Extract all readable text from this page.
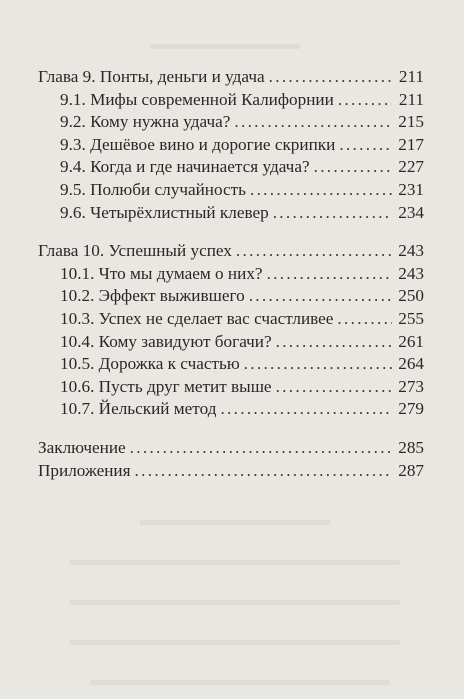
Глава 9. Понты, деньги и удача . . .	211
9.1. Мифы современной Калифорнии . . .	211
9.2. Кому нужна удача? . . .	215
9.3. Дешёвое вино и дорогие скрипки . . .	217
9.4. Когда и где начинается удача? . . .	227
9.5. Полюби случайность . . .	231
9.6. Четырёхлистный клевер . . .	234
Глава 10. Успешный успех . . .	243
10.1. Что мы думаем о них? . . .	243
10.2. Эффект выжившего . . .	250
10.3. Успех не сделает вас счастливее . . .	255
10.4. Кому завидуют богачи? . . .	261
10.5. Дорожка к счастью . . .	264
10.6. Пусть друг метит выше . . .	273
10.7. Йельский метод . . .	279
Заключение . . .	285
Приложения . . .	287
